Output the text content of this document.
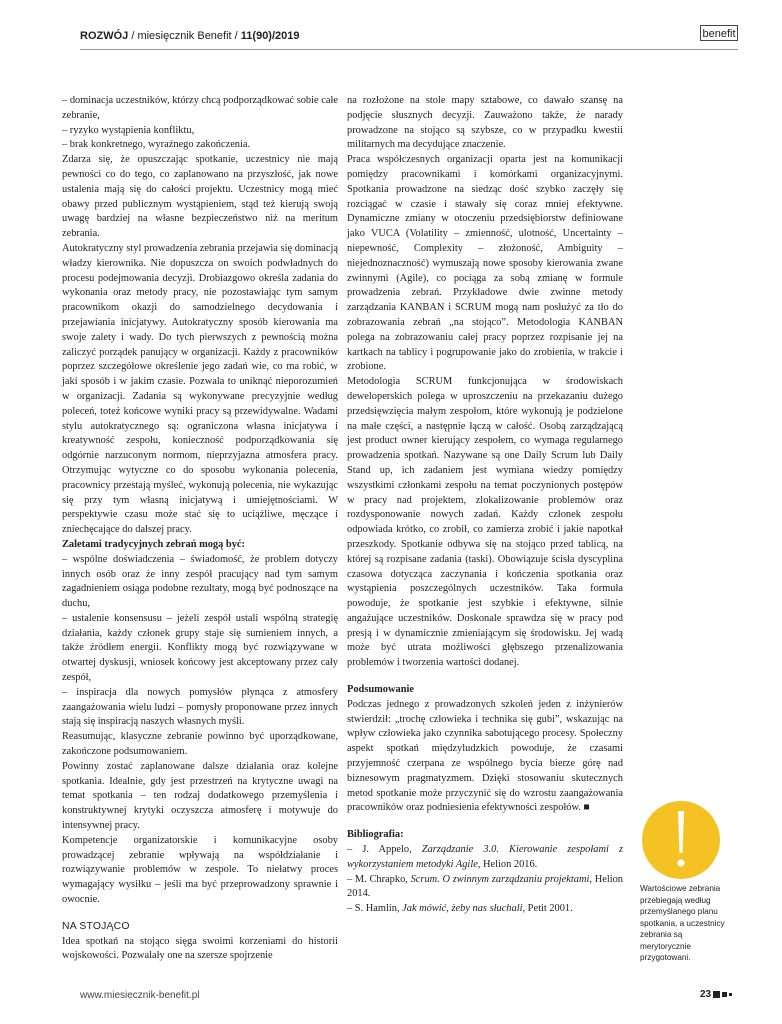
ROZWÓJ / miesięcznik Benefit / 11(90)/2019	benefit

– dominacja uczestników, którzy chcą podporządkować sobie całe zebranie,

– ryzyko wystąpienia konfliktu,

– brak konkretnego, wyraźnego zakończenia.

Zdarza się, że opuszczając spotkanie, uczestnicy nie mają pewności co do tego, co zaplanowano na przyszłość, jak nowe ustalenia mają się do całości projektu. Uczestnicy mogą mieć obawy przed publicznym wystąpieniem, stąd też kierują swoją uwagę bardziej na własne bezpieczeństwo niż na meritum zebrania.

Autokratyczny styl prowadzenia zebrania przejawia się dominacją władzy kierownika. Nie dopuszcza on swoich podwładnych do procesu podejmowania decyzji. Drobiazgowo określa zadania do wykonania oraz metody pracy, nie pozostawiając tym samym pracownikom okazji do samodzielnego decydowania i przejawiania inicjatywy. Autokratyczny sposób kierowania ma swoje zalety i wady. Do tych pierwszych z pewnością można zaliczyć porządek panujący w organizacji. Każdy z pracowników poprzez szczegółowe określenie jego zadań wie, co ma robić, w jaki sposób i w jakim czasie. Pozwala to uniknąć nieporozumień w organizacji. Zadania są wykonywane precyzyjnie według poleceń, toteż końcowe wyniki pracy są przewidywalne. Wadami stylu autokratycznego są: ograniczona własna inicjatywa i kreatywność zespołu, konieczność podporządkowania się odgórnie narzuconym normom, nieprzyjazna atmosfera pracy. Otrzymując wytyczne co do sposobu wykonania polecenia, pracownicy przestają myśleć, wykonują polecenia, nie wykazując się przy tym własną inicjatywą i umiejętnościami. W perspektywie czasu może stać się to uciążliwe, męczące i zniechęcające do dalszej pracy.

Zaletami tradycyjnych zebrań mogą być:

– wspólne doświadczenia – świadomość, że problem dotyczy innych osób oraz że inny zespół pracujący nad tym samym zagadnieniem osiąga podobne rezultaty, mogą być podnoszące na duchu,

– ustalenie konsensusu – jeżeli zespół ustali wspólną strategię działania, każdy członek grupy staje się sumieniem innych, a także źródłem energii. Konflikty mogą być rozwiązywane w otwartej dyskusji, wniosek końcowy jest akceptowany przez cały zespół,

– inspiracja dla nowych pomysłów płynąca z atmosfery zaangażowania wielu ludzi – pomysły proponowane przez innych stają się inspiracją naszych własnych myśli.

Reasumując, klasyczne zebranie powinno być uporządkowane, zakończone podsumowaniem.

Powinny zostać zaplanowane dalsze działania oraz kolejne spotkania. Idealnie, gdy jest przestrzeń na krytyczne uwagi na temat spotkania – ten rodzaj dodatkowego przemyślenia i konstruktywnej krytyki oczyszcza atmosferę i motywuje do intensywnej pracy.

Kompetencje organizatorskie i komunikacyjne osoby prowadzącej zebranie wpływają na współdziałanie i rozwiązywanie problemów w zespole. To niełatwy proces wymagający wysiłku – jeśli ma być przeprowadzony sprawnie i owocnie.

NA STOJĄCO

Idea spotkań na stojąco sięga swoimi korzeniami do historii wojskowości. Pozwalały one na szersze spojrzenie

na rozłożone na stole mapy sztabowe, co dawało szansę na podjęcie słusznych decyzji. Zauważono także, że narady prowadzone na stojąco są szybsze, co w przypadku kwestii militarnych ma decydujące znaczenie.

Praca współczesnych organizacji oparta jest na komunikacji pomiędzy pracownikami i komórkami organizacyjnymi. Spotkania prowadzone na siedząc dość szybko zaczęły się rozciągać w czasie i stawały się coraz mniej efektywne. Dynamiczne zmiany w otoczeniu przedsiębiorstw definiowane jako VUCA (Volatility – zmienność, ulotność, Uncertainty – niepewność, Complexity – złożoność, Ambiguity – niejednoznaczność) wymuszają nowe sposoby kierowania zwane zwinnymi (Agile), co pociąga za sobą zmianę w formule prowadzenia zebrań. Przykładowe dwie zwinne metody zarządzania KANBAN i SCRUM mogą nam posłużyć za tło do zobrazowania zebrań „na stojąco”. Metodologia KANBAN polega na zobrazowaniu całej pracy poprzez rozpisanie jej na kartkach na tablicy i pogrupowanie jako do zrobienia, w trakcie i zrobione.

Metodologia SCRUM funkcjonująca w środowiskach deweloperskich polega w uproszczeniu na przekazaniu dużego przedsięwzięcia małym zespołom, które wykonują je podzielone na małe części, a następnie łączą w całość. Osobą zarządzającą jest product owner kierujący zespołem, co wymaga regularnego prowadzenia spotkań. Nazywane są one Daily Scrum lub Daily Stand up, ich zadaniem jest wymiana wiedzy pomiędzy wszystkimi członkami zespołu na temat poczynionych postępów w pracy nad projektem, zlokalizowanie problemów oraz rozdysponowanie nowych zadań. Każdy członek zespołu odpowiada krótko, co zrobił, co zamierza zrobić i jakie napotkał przeszkody. Spotkanie odbywa się na stojąco przed tablicą, na której są rozpisane zadania (taski). Obowiązuje ścisła dyscyplina czasowa dotycząca zaczynania i kończenia spotkania oraz wystąpienia poszczególnych uczestników. Taka formuła powoduje, że spotkanie jest szybkie i efektywne, silnie angażujące uczestników. Doskonale sprawdza się w pracy pod presją i w dynamicznie zmieniającym się środowisku. Jej wadą może być utrata możliwości głębszego przenalizowania problemów i tworzenia wartości dodanej.

Podsumowanie

Podczas jednego z prowadzonych szkoleń jeden z inżynierów stwierdził: „trochę człowieka i technika się gubi”, wskazując na wpływ człowieka jako czynnika sabotującego procesy. Społeczny aspekt spotkań międzyludzkich powoduje, że czasami przyjemność czerpana ze wspólnego bycia bierze górę nad biznesowym pragmatyzmem. Dzięki stosowaniu skutecznych metod spotkanie może przyczynić się do wzrostu zaangażowania pracowników oraz podniesienia efektywności zespołów. ■

Bibliografia:

– J. Appelo, Zarządzanie 3.0. Kierowanie zespołami z wykorzystaniem metodyki Agile, Helion 2016.

– M. Chrapko, Scrum. O zwinnym zarządzaniu projektami, Helion 2014.

– S. Hamlin, Jak mówić, żeby nas słuchali, Petit 2001.

Wartościowe zebrania przebiegają według przemyślanego planu spotkania, a uczestnicy zebrania są merytorycznie przygotowani.
www.miesiecznik-benefit.pl	23
